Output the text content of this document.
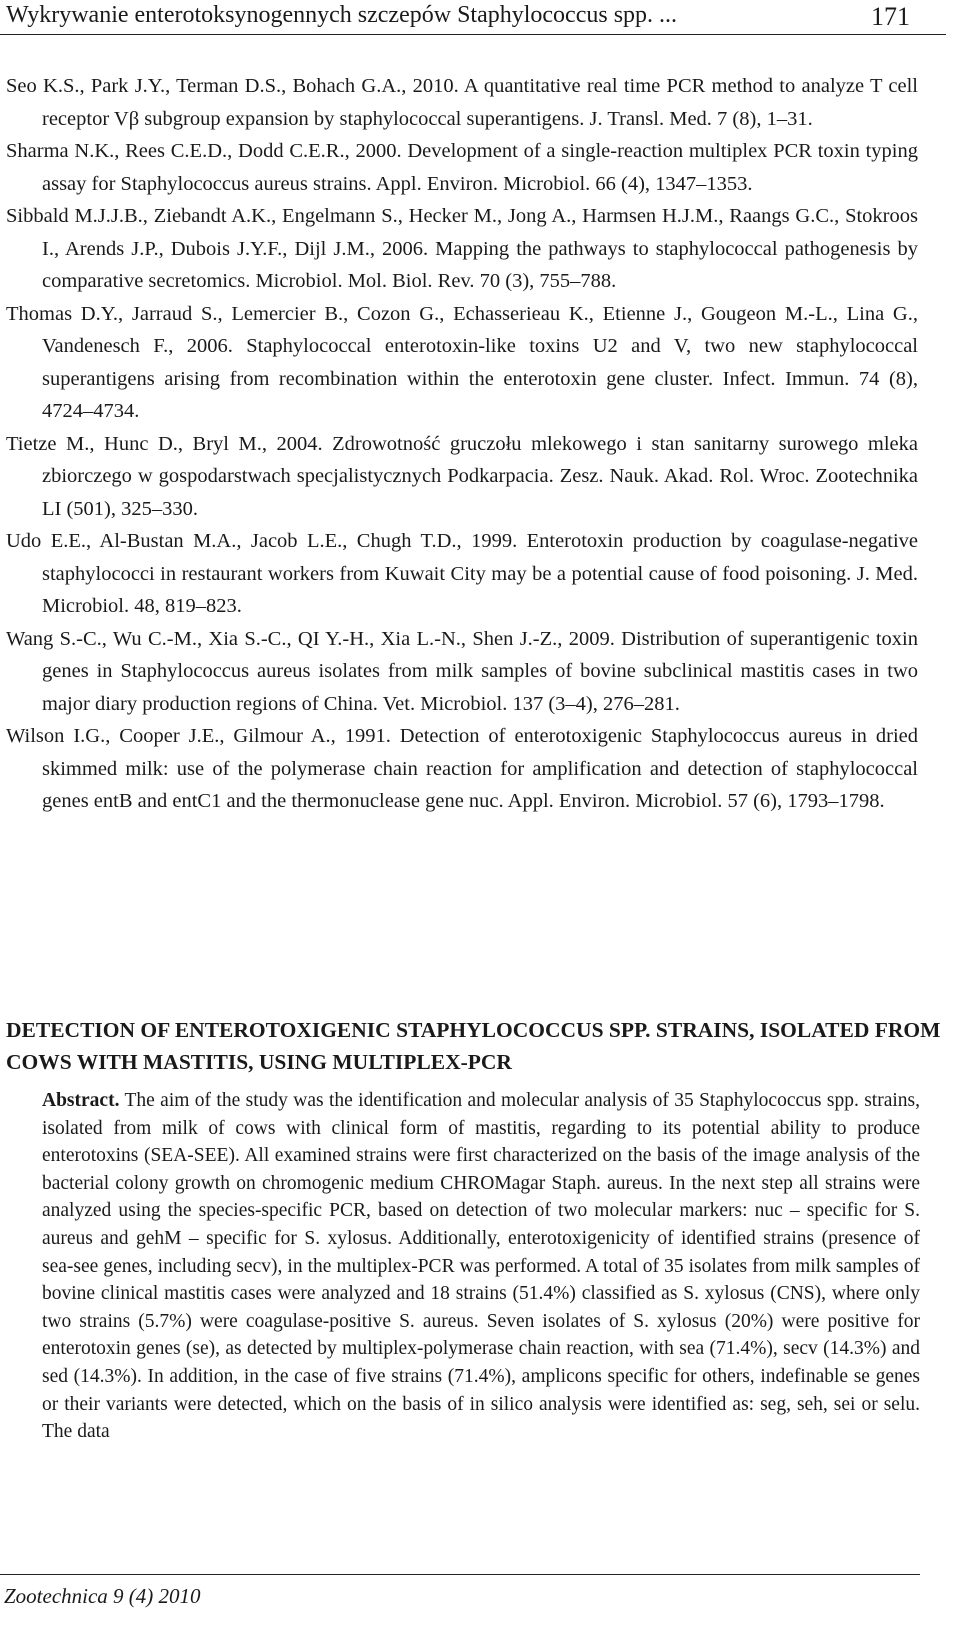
Wykrywanie enterotoksynogennych szczepów Staphylococcus spp. ...	171
Seo K.S., Park J.Y., Terman D.S., Bohach G.A., 2010. A quantitative real time PCR method to analyze T cell receptor Vβ subgroup expansion by staphylococcal superantigens. J. Transl. Med. 7 (8), 1–31.
Sharma N.K., Rees C.E.D., Dodd C.E.R., 2000. Development of a single-reaction multiplex PCR toxin typing assay for Staphylococcus aureus strains. Appl. Environ. Microbiol. 66 (4), 1347–1353.
Sibbald M.J.J.B., Ziebandt A.K., Engelmann S., Hecker M., Jong A., Harmsen H.J.M., Raangs G.C., Stokroos I., Arends J.P., Dubois J.Y.F., Dijl J.M., 2006. Mapping the pathways to staphylococcal pathogenesis by comparative secretomics. Microbiol. Mol. Biol. Rev. 70 (3), 755–788.
Thomas D.Y., Jarraud S., Lemercier B., Cozon G., Echasserieau K., Etienne J., Gougeon M.-L., Lina G., Vandenesch F., 2006. Staphylococcal enterotoxin-like toxins U2 and V, two new staphylococcal superantigens arising from recombination within the enterotoxin gene cluster. Infect. Immun. 74 (8), 4724–4734.
Tietze M., Hunc D., Bryl M., 2004. Zdrowotność gruczołu mlekowego i stan sanitarny surowego mleka zbiorczego w gospodarstwach specjalistycznych Podkarpacia. Zesz. Nauk. Akad. Rol. Wroc. Zootechnika LI (501), 325–330.
Udo E.E., Al-Bustan M.A., Jacob L.E., Chugh T.D., 1999. Enterotoxin production by coagulase-negative staphylococci in restaurant workers from Kuwait City may be a potential cause of food poisoning. J. Med. Microbiol. 48, 819–823.
Wang S.-C., Wu C.-M., Xia S.-C., QI Y.-H., Xia L.-N., Shen J.-Z., 2009. Distribution of superantigenic toxin genes in Staphylococcus aureus isolates from milk samples of bovine subclinical mastitis cases in two major diary production regions of China. Vet. Microbiol. 137 (3–4), 276–281.
Wilson I.G., Cooper J.E., Gilmour A., 1991. Detection of enterotoxigenic Staphylococcus aureus in dried skimmed milk: use of the polymerase chain reaction for amplification and detection of staphylococcal genes entB and entC1 and the thermonuclease gene nuc. Appl. Environ. Microbiol. 57 (6), 1793–1798.
DETECTION OF ENTEROTOXIGENIC STAPHYLOCOCCUS SPP. STRAINS, ISOLATED FROM COWS WITH MASTITIS, USING MULTIPLEX-PCR
Abstract. The aim of the study was the identification and molecular analysis of 35 Staphylococcus spp. strains, isolated from milk of cows with clinical form of mastitis, regarding to its potential ability to produce enterotoxins (SEA-SEE). All examined strains were first characterized on the basis of the image analysis of the bacterial colony growth on chromogenic medium CHROMagar Staph. aureus. In the next step all strains were analyzed using the species-specific PCR, based on detection of two molecular markers: nuc – specific for S. aureus and gehM – specific for S. xylosus. Additionally, enterotoxigenicity of identified strains (presence of sea-see genes, including secv), in the multiplex-PCR was performed. A total of 35 isolates from milk samples of bovine clinical mastitis cases were analyzed and 18 strains (51.4%) classified as S. xylosus (CNS), where only two strains (5.7%) were coagulase-positive S. aureus. Seven isolates of S. xylosus (20%) were positive for enterotoxin genes (se), as detected by multiplex-polymerase chain reaction, with sea (71.4%), secv (14.3%) and sed (14.3%). In addition, in the case of five strains (71.4%), amplicons specific for others, indefinable se genes or their variants were detected, which on the basis of in silico analysis were identified as: seg, seh, sei or selu. The data
Zootechnica 9 (4) 2010
